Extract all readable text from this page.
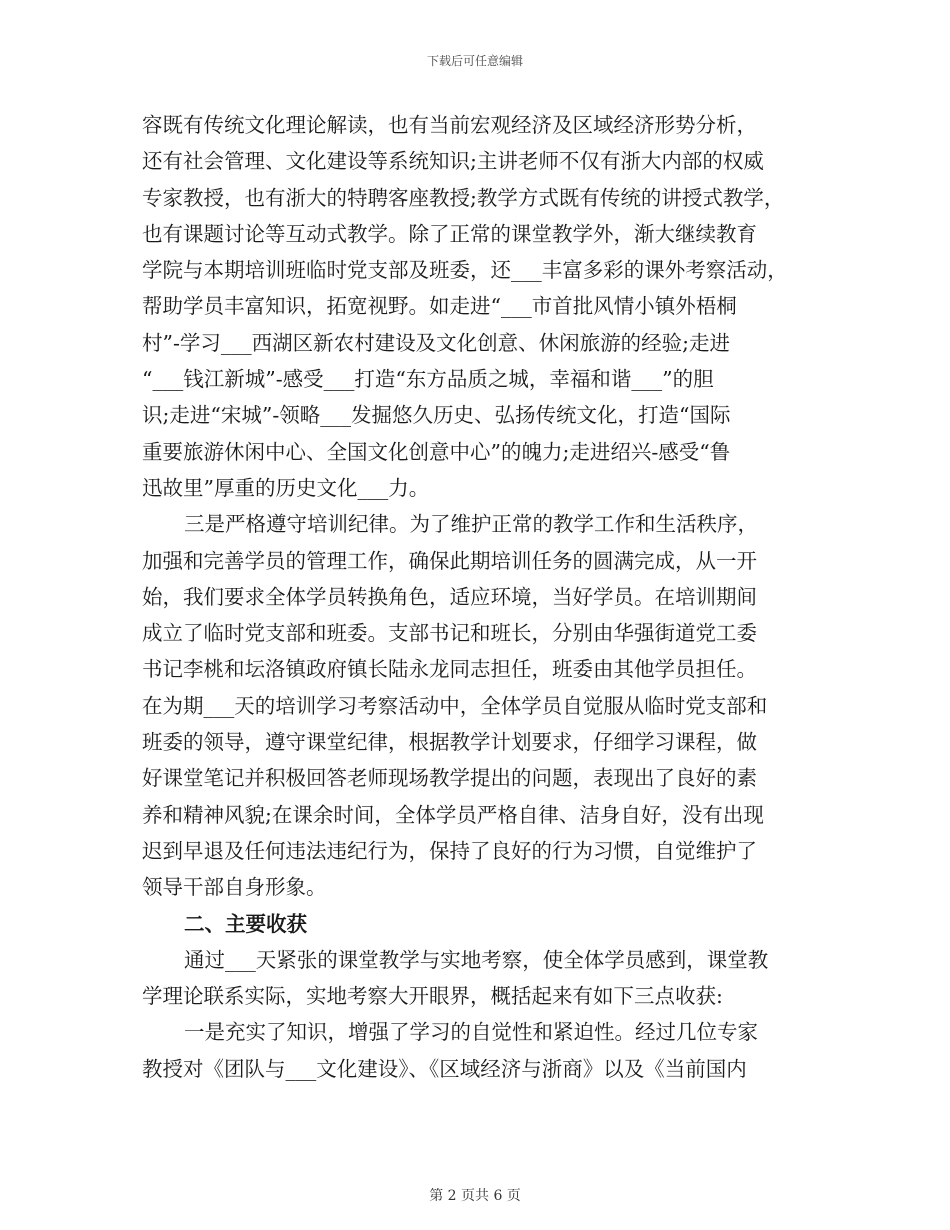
下载后可任意编辑
容既有传统文化理论解读，也有当前宏观经济及区域经济形势分析，
还有社会管理、文化建设等系统知识;主讲老师不仅有浙大内部的权威
专家教授，也有浙大的特聘客座教授;教学方式既有传统的讲授式教学，
也有课题讨论等互动式教学。除了正常的课堂教学外，渐大继续教育
学院与本期培训班临时党支部及班委，还___丰富多彩的课外考察活动，
帮助学员丰富知识，拓宽视野。如走进“___市首批风情小镇外梧桐
村”-学习___西湖区新农村建设及文化创意、休闲旅游的经验;走进
“___钱江新城”-感受___打造“东方品质之城，幸福和谐___”的胆
识;走进“宋城”-领略___发掘悠久历史、弘扬传统文化，打造“国际
重要旅游休闲中心、全国文化创意中心”的魄力;走进绍兴-感受“鲁
迅故里”厚重的历史文化___力。
三是严格遵守培训纪律。为了维护正常的教学工作和生活秩序，
加强和完善学员的管理工作，确保此期培训任务的圆满完成，从一开
始，我们要求全体学员转换角色，适应环境，当好学员。在培训期间
成立了临时党支部和班委。支部书记和班长，分别由华强街道党工委
书记李桃和坛洛镇政府镇长陆永龙同志担任，班委由其他学员担任。
在为期___天的培训学习考察活动中，全体学员自觉服从临时党支部和
班委的领导，遵守课堂纪律，根据教学计划要求，仔细学习课程，做
好课堂笔记并积极回答老师现场教学提出的问题，表现出了良好的素
养和精神风貌;在课余时间，全体学员严格自律、洁身自好，没有出现
迟到早退及任何违法违纪行为，保持了良好的行为习惯，自觉维护了
领导干部自身形象。
二、主要收获
通过___天紧张的课堂教学与实地考察，使全体学员感到，课堂教
学理论联系实际，实地考察大开眼界，概括起来有如下三点收获:
一是充实了知识，增强了学习的自觉性和紧迫性。经过几位专家
教授对《团队与___文化建设》、《区域经济与浙商》以及《当前国内
第 2 页共 6 页
